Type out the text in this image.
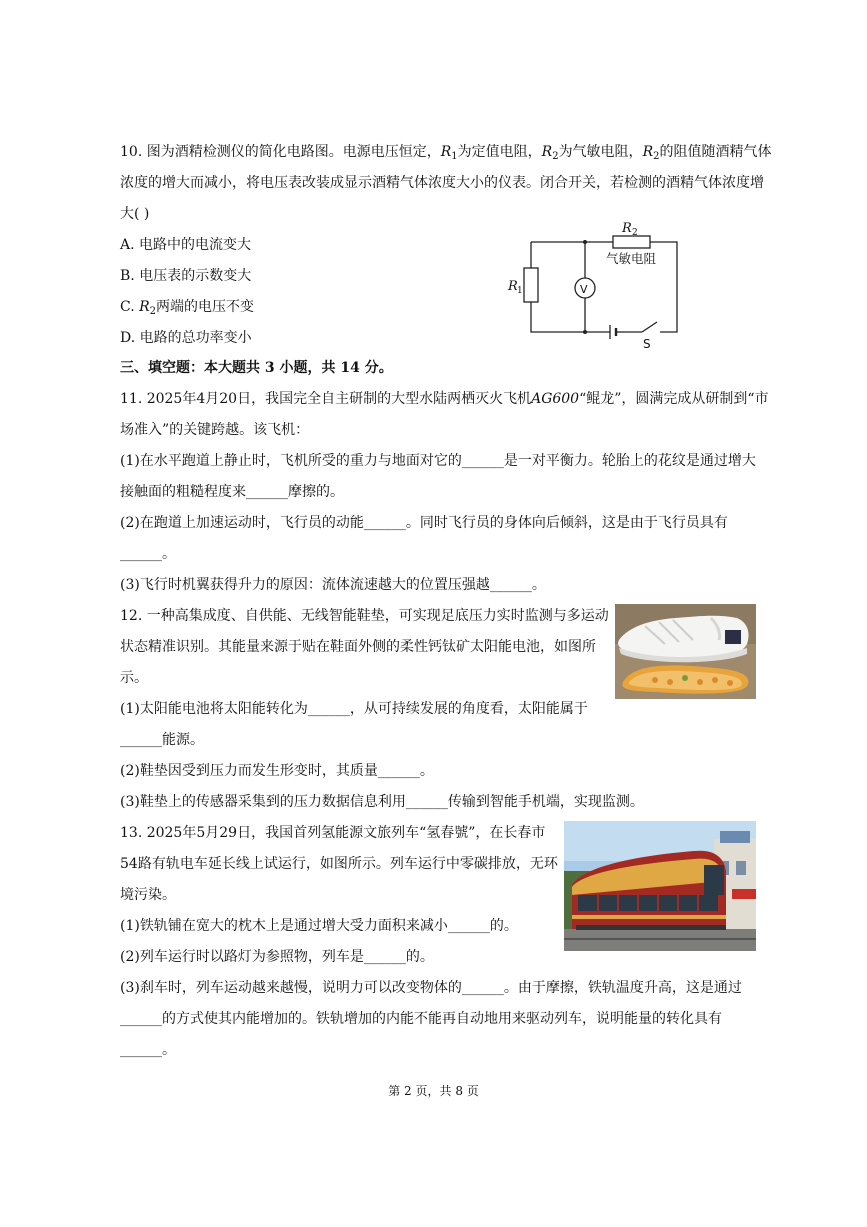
10. 图为酒精检测仪的简化电路图。电源电压恒定，$R_1$为定值电阻，$R_2$为气敏电阻，$R_2$的阻值随酒精气体
浓度的增大而减小，将电压表改装成显示酒精气体浓度大小的仪表。闭合开关，若检测的酒精气体浓度增
大( )
A. 电路中的电流变大
B. 电压表的示数变大
C. $R_2$两端的电压不变
D. 电路的总功率变小
R 1
R 2
气敏电阻
V
S
三、填空题：本大题共 3 小题，共 14 分。
11. 2025年4月20日，我国完全自主研制的大型水陆两栖灭火飞机AG600“鲲龙”，圆满完成从研制到“市
场准入”的关键跨越。该飞机：
(1)在水平跑道上静止时，飞机所受的重力与地面对它的______是一对平衡力。轮胎上的花纹是通过增大
接触面的粗糙程度来______摩擦的。
(2)在跑道上加速运动时，飞行员的动能______。同时飞行员的身体向后倾斜，这是由于飞行员具有
______。
(3)飞行时机翼获得升力的原因：流体流速越大的位置压强越______。
12. 一种高集成度、自供能、无线智能鞋垫，可实现足底压力实时监测与多运动
状态精准识别。其能量来源于贴在鞋面外侧的柔性钙钛矿太阳能电池，如图所
示。
(1)太阳能电池将太阳能转化为______，从可持续发展的角度看，太阳能属于
______能源。
(2)鞋垫因受到压力而发生形变时，其质量______。
(3)鞋垫上的传感器采集到的压力数据信息利用______传输到智能手机端，实现监测。
13. 2025年5月29日，我国首列氢能源文旅列车“氢春號”，在长春市
54路有轨电车延长线上试运行，如图所示。列车运行中零碳排放，无环
境污染。
(1)铁轨铺在宽大的枕木上是通过增大受力面积来减小______的。
(2)列车运行时以路灯为参照物，列车是______的。
(3)刹车时，列车运动越来越慢，说明力可以改变物体的______。由于摩擦，铁轨温度升高，这是通过
______的方式使其内能增加的。铁轨增加的内能不能再自动地用来驱动列车，说明能量的转化具有
______。
第 2 页，共 8 页
